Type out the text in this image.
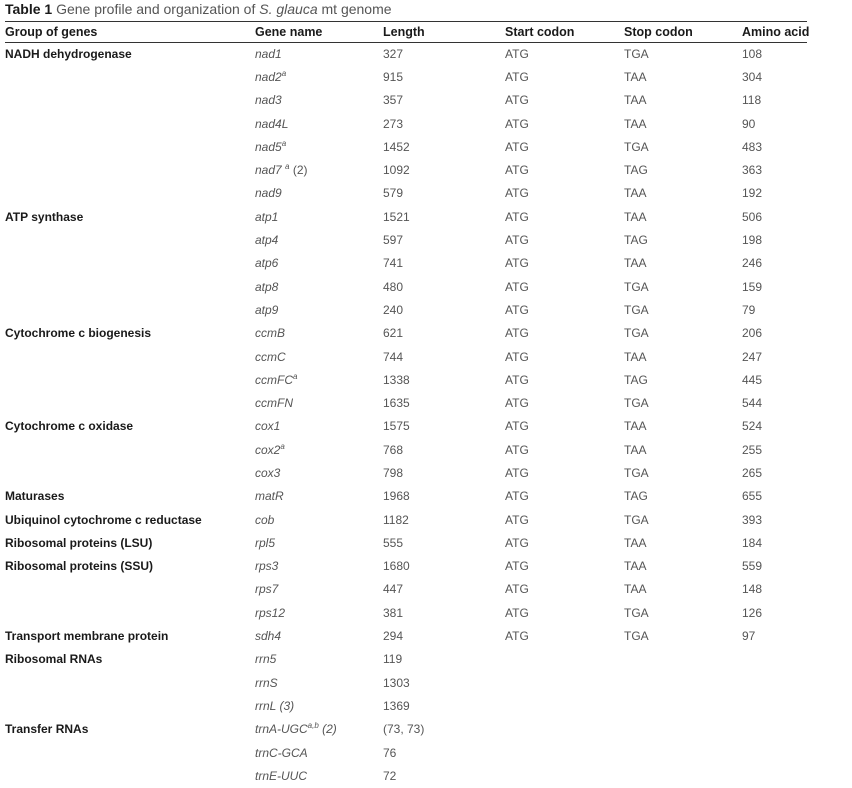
Table 1 Gene profile and organization of S. glauca mt genome
Group of genes	Gene name	Length	Start codon	Stop codon	Amino acid
NADH dehydrogenase	nad1	327	ATG	TGA	108
	nad2$^a$	915	ATG	TAA	304
	nad3	357	ATG	TAA	118
	nad4L	273	ATG	TAA	90
	nad5$^a$	1452	ATG	TGA	483
	nad7 $^a$ (2)	1092	ATG	TAG	363
	nad9	579	ATG	TAA	192
ATP synthase	atp1	1521	ATG	TAA	506
	atp4	597	ATG	TAG	198
	atp6	741	ATG	TAA	246
	atp8	480	ATG	TGA	159
	atp9	240	ATG	TGA	79
Cytochrome c biogenesis	ccmB	621	ATG	TGA	206
	ccmC	744	ATG	TAA	247
	ccmFC$^a$	1338	ATG	TAG	445
	ccmFN	1635	ATG	TGA	544
Cytochrome c oxidase	cox1	1575	ATG	TAA	524
	cox2$^a$	768	ATG	TAA	255
	cox3	798	ATG	TGA	265
Maturases	matR	1968	ATG	TAG	655
Ubiquinol cytochrome c reductase	cob	1182	ATG	TGA	393
Ribosomal proteins (LSU)	rpl5	555	ATG	TAA	184
Ribosomal proteins (SSU)	rps3	1680	ATG	TAA	559
	rps7	447	ATG	TAA	148
	rps12	381	ATG	TGA	126
Transport membrane protein	sdh4	294	ATG	TGA	97
Ribosomal RNAs	rrn5	119			
	rrnS	1303			
	rrnL (3)	1369			
Transfer RNAs	trnA-UGC$^{a,b}$ (2)	(73, 73)			
	trnC-GCA	76			
	trnE-UUC	72			
